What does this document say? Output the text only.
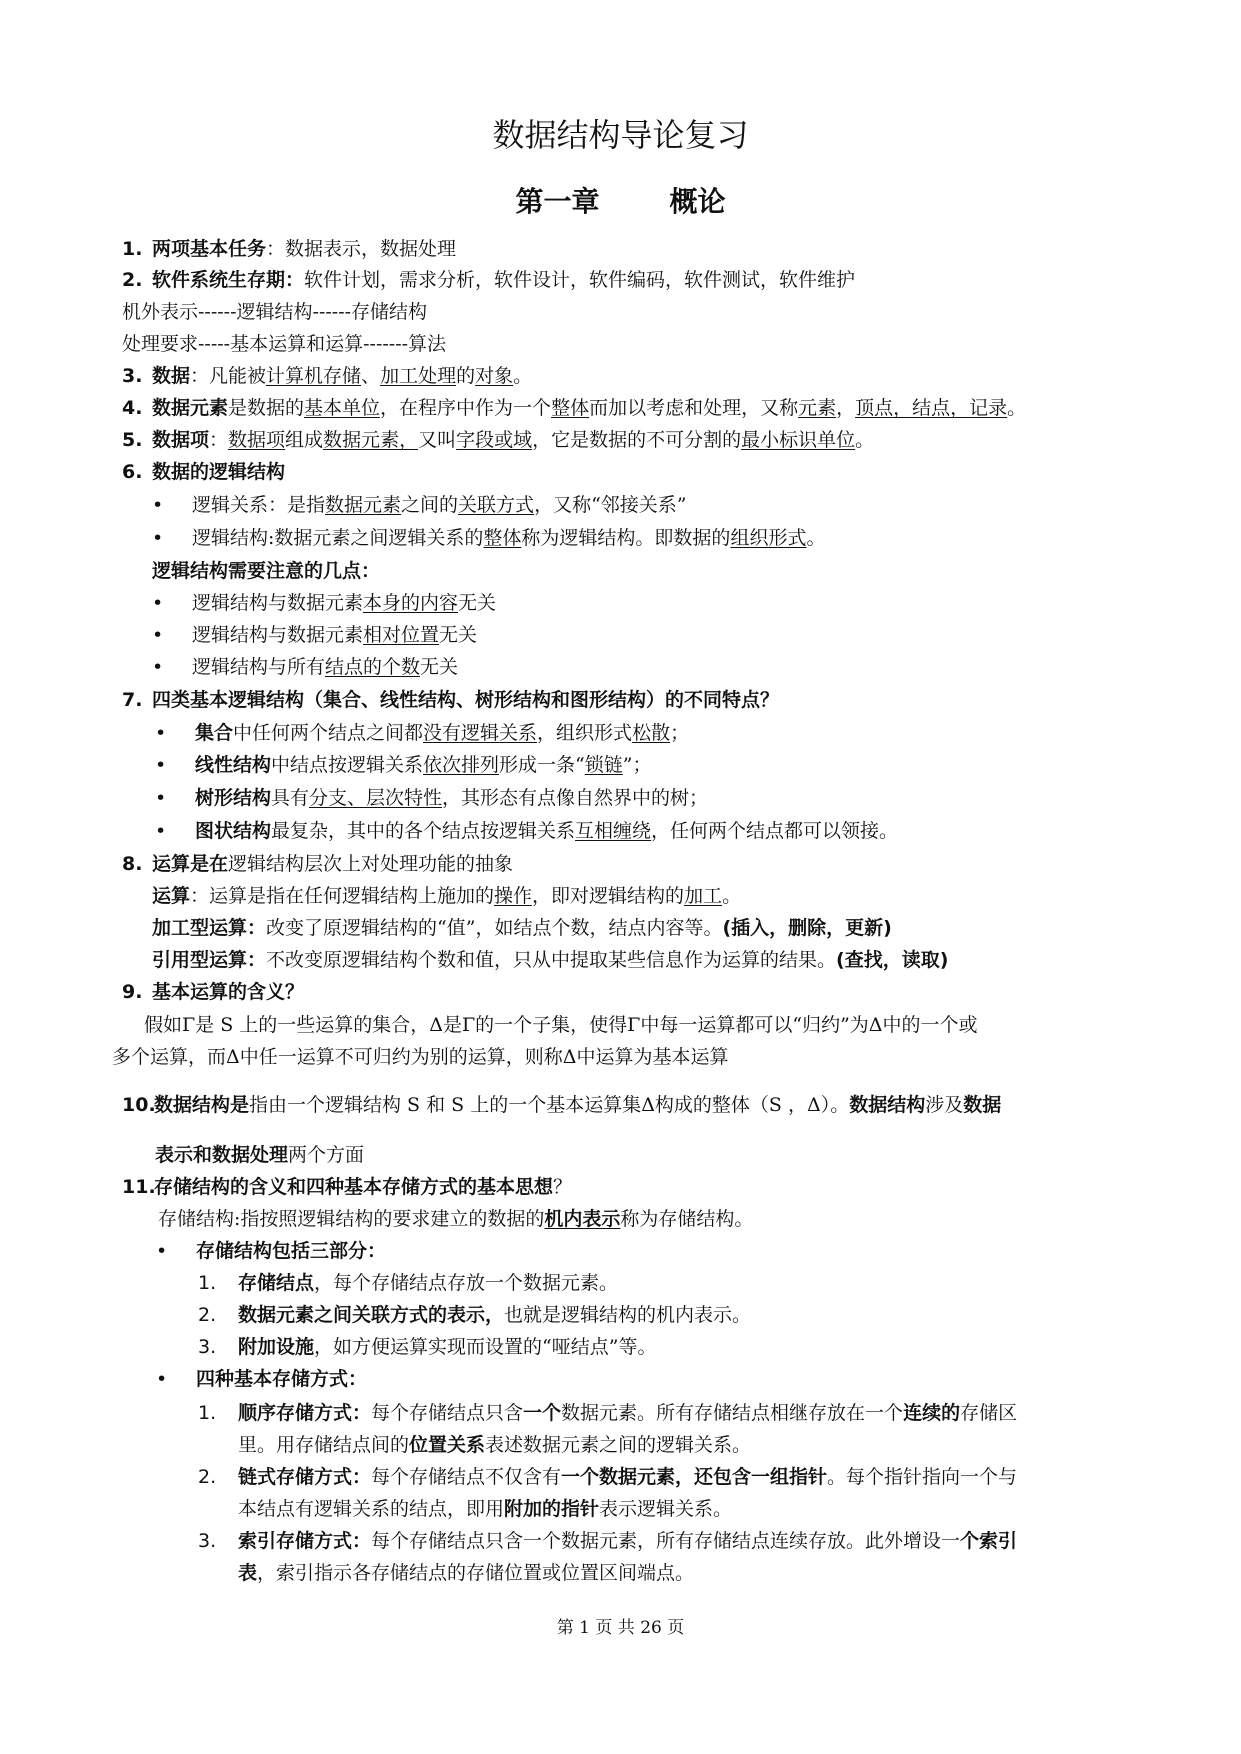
数据结构导论复习
第一章	概论
1. 两项基本任务：数据表示，数据处理
2. 软件系统生存期：软件计划，需求分析，软件设计，软件编码，软件测试，软件维护
机外表示------逻辑结构------存储结构
处理要求-----基本运算和运算-------算法
3. 数据：凡能被计算机存储、加工处理的对象。
4. 数据元素是数据的基本单位，在程序中作为一个整体而加以考虑和处理，又称元素，顶点，结点，记录。
5. 数据项：数据项组成数据元素，又叫字段或域，它是数据的不可分割的最小标识单位。
6. 数据的逻辑结构
• 逻辑关系：是指数据元素之间的关联方式，又称“邻接关系”
• 逻辑结构:数据元素之间逻辑关系的整体称为逻辑结构。即数据的组织形式。
逻辑结构需要注意的几点：
• 逻辑结构与数据元素本身的内容无关
• 逻辑结构与数据元素相对位置无关
• 逻辑结构与所有结点的个数无关
7. 四类基本逻辑结构（集合、线性结构、树形结构和图形结构）的不同特点？
• 集合中任何两个结点之间都没有逻辑关系，组织形式松散；
• 线性结构中结点按逻辑关系依次排列形成一条“锁链”；
• 树形结构具有分支、层次特性，其形态有点像自然界中的树；
• 图状结构最复杂，其中的各个结点按逻辑关系互相缠绕，任何两个结点都可以领接。
8. 运算是在逻辑结构层次上对处理功能的抽象
运算：运算是指在任何逻辑结构上施加的操作，即对逻辑结构的加工。
加工型运算：改变了原逻辑结构的“值”，如结点个数，结点内容等。(插入，删除，更新)
引用型运算：不改变原逻辑结构个数和值，只从中提取某些信息作为运算的结果。(查找，读取)
9. 基本运算的含义？
假如Γ是 S 上的一些运算的集合，Δ是Γ的一个子集，使得Γ中每一运算都可以“归约”为Δ中的一个或
多个运算，而Δ中任一运算不可归约为别的运算，则称Δ中运算为基本运算
10.数据结构是指由一个逻辑结构 S 和 S 上的一个基本运算集Δ构成的整体（S ，Δ）。数据结构涉及数据
表示和数据处理两个方面
11.存储结构的含义和四种基本存储方式的基本思想？
存储结构:指按照逻辑结构的要求建立的数据的机内表示称为存储结构。
• 存储结构包括三部分：
1. 存储结点，每个存储结点存放一个数据元素。
2. 数据元素之间关联方式的表示，也就是逻辑结构的机内表示。
3. 附加设施，如方便运算实现而设置的“哑结点”等。
• 四种基本存储方式：
1. 顺序存储方式：每个存储结点只含一个数据元素。所有存储结点相继存放在一个连续的存储区
里。用存储结点间的位置关系表述数据元素之间的逻辑关系。
2. 链式存储方式：每个存储结点不仅含有一个数据元素，还包含一组指针。每个指针指向一个与
本结点有逻辑关系的结点，即用附加的指针表示逻辑关系。
3. 索引存储方式：每个存储结点只含一个数据元素，所有存储结点连续存放。此外增设一个索引
表，索引指示各存储结点的存储位置或位置区间端点。
第 1 页 共 26 页
